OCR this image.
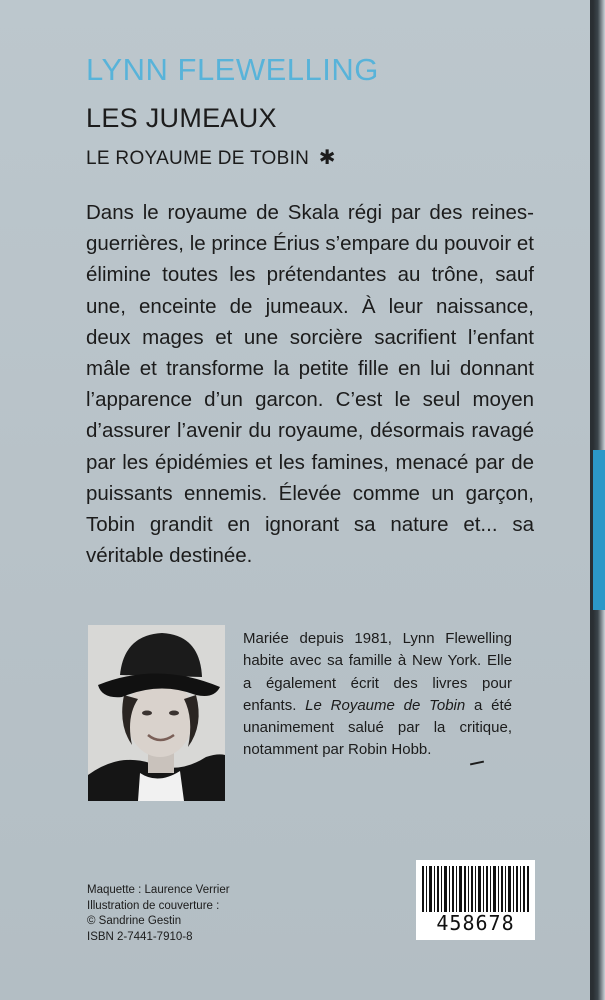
LYNN FLEWELLING
LES JUMEAUX
LE ROYAUME DE TOBIN ✱

Dans le royaume de Skala régi par des reines-guerrières, le prince Érius s’empare du pouvoir et élimine toutes les prétendantes au trône, sauf une, enceinte de jumeaux. À leur naissance, deux mages et une sorcière sacrifient l’enfant mâle et transforme la petite fille en lui donnant l’apparence d’un garcon. C’est le seul moyen d’assurer l’avenir du royaume, désormais ravagé par les épidémies et les famines, menacé par de puissants ennemis. Élevée comme un garçon, Tobin grandit en ignorant sa nature et... sa véritable destinée.

Mariée depuis 1981, Lynn Flewelling habite avec sa famille à New York. Elle a également écrit des livres pour enfants. Le Royaume de Tobin a été unanimement salué par la critique, notamment par Robin Hobb.

Maquette : Laurence Verrier
Illustration de couverture :
© Sandrine Gestin
ISBN 2-7441-7910-8
458678
